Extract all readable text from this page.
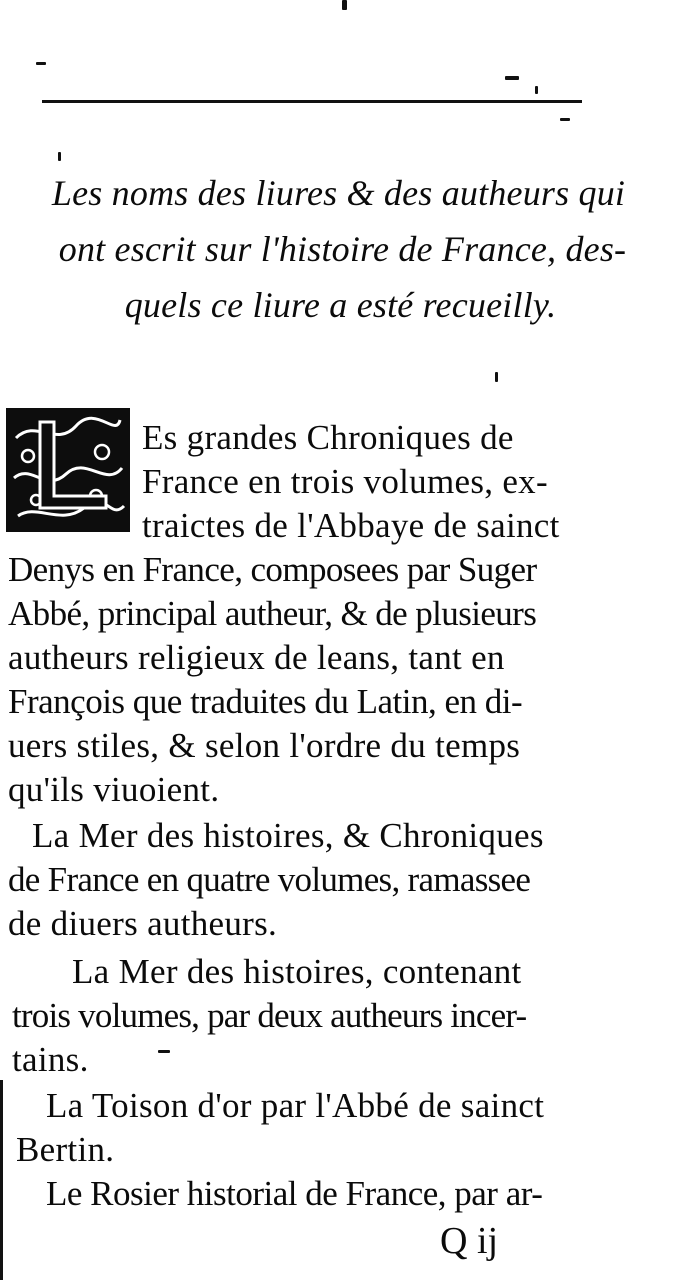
Les noms des liures & des autheurs qui
ont escrit sur l'histoire de France, des-
quels ce liure a esté recueilly.
Es grandes Chroniques de
France en trois volumes, ex-
traictes de l'Abbaye de sainct
Denys en France, composees par Suger
Abbé, principal autheur, & de plusieurs
autheurs religieux de leans, tant en
François que traduites du Latin, en di-
uers stiles, & selon l'ordre du temps
qu'ils viuoient.
La Mer des histoires, & Chroniques
de France en quatre volumes, ramassee
de diuers autheurs.
La Mer des histoires, contenant
trois volumes, par deux autheurs incer-
tains.
La Toison d'or par l'Abbé de sainct
Bertin.
Le Rosier historial de France, par ar-
Q ij
